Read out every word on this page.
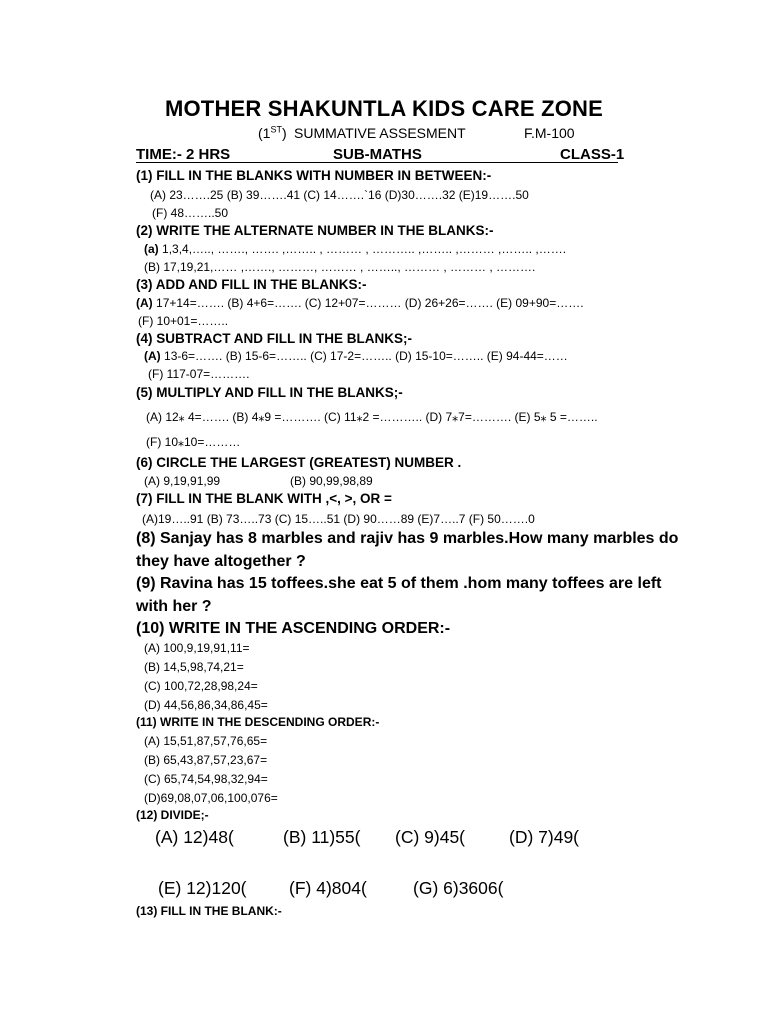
MOTHER SHAKUNTLA KIDS CARE ZONE
(1ST) SUMMATIVE ASSESMENT	F.M-100
TIME:- 2 HRS	SUB-MATHS	CLASS-1
(1) FILL IN THE BLANKS WITH NUMBER IN BETWEEN:-
(A) 23…….25 (B) 39…….41 (C) 14…….`16 (D)30…….32 (E)19…….50
(F) 48……..50
(2) WRITE THE ALTERNATE NUMBER IN THE BLANKS:-
(a) 1,3,4,….., ……., ……. ,…….. , ……… , ……….. ,…….. ,……… ,…….. ,…….
(B) 17,19,21,…… ,……., ………, ……… , …….., ……… , ……… , ……….
(3) ADD AND FILL IN THE BLANKS:-
(A) 17+14=……. (B) 4+6=……. (C) 12+07=……… (D) 26+26=……. (E) 09+90=…….
(F) 10+01=……..
(4) SUBTRACT AND FILL IN THE BLANKS;-
(A) 13-6=……. (B) 15-6=…….. (C) 17-2=…….. (D) 15-10=…….. (E) 94-44=……
(F) 117-07=……….
(5) MULTIPLY AND FILL IN THE BLANKS;-
(A) 12⁎ 4=……. (B) 4⁎9 =………. (C) 11⁎2 =……….. (D) 7⁎7=………. (E) 5⁎ 5 =……..
(F) 10⁎10=………
(6) CIRCLE THE LARGEST (GREATEST) NUMBER .
(A) 9,19,91,99	(B) 90,99,98,89
(7) FILL IN THE BLANK WITH ,<, >, OR =
(A)19…..91 (B) 73…..73 (C) 15…..51 (D) 90……89 (E)7…..7 (F) 50…….0
(8) Sanjay has 8 marbles and rajiv has 9 marbles.How many marbles do
they have altogether ?
(9) Ravina has 15 toffees.she eat 5 of them .hom many toffees are left
with her ?
(10) WRITE IN THE ASCENDING ORDER:-
(A) 100,9,19,91,11=
(B) 14,5,98,74,21=
(C) 100,72,28,98,24=
(D) 44,56,86,34,86,45=
(11) WRITE IN THE DESCENDING ORDER:-
(A) 15,51,87,57,76,65=
(B) 65,43,87,57,23,67=
(C) 65,74,54,98,32,94=
(D)69,08,07,06,100,076=
(12) DIVIDE;-
(A) 12)48(	(B) 11)55( (C) 9)45(	(D) 7)49(
(E) 12)120( (F) 4)804(	(G) 6)3606(
(13) FILL IN THE BLANK:-
